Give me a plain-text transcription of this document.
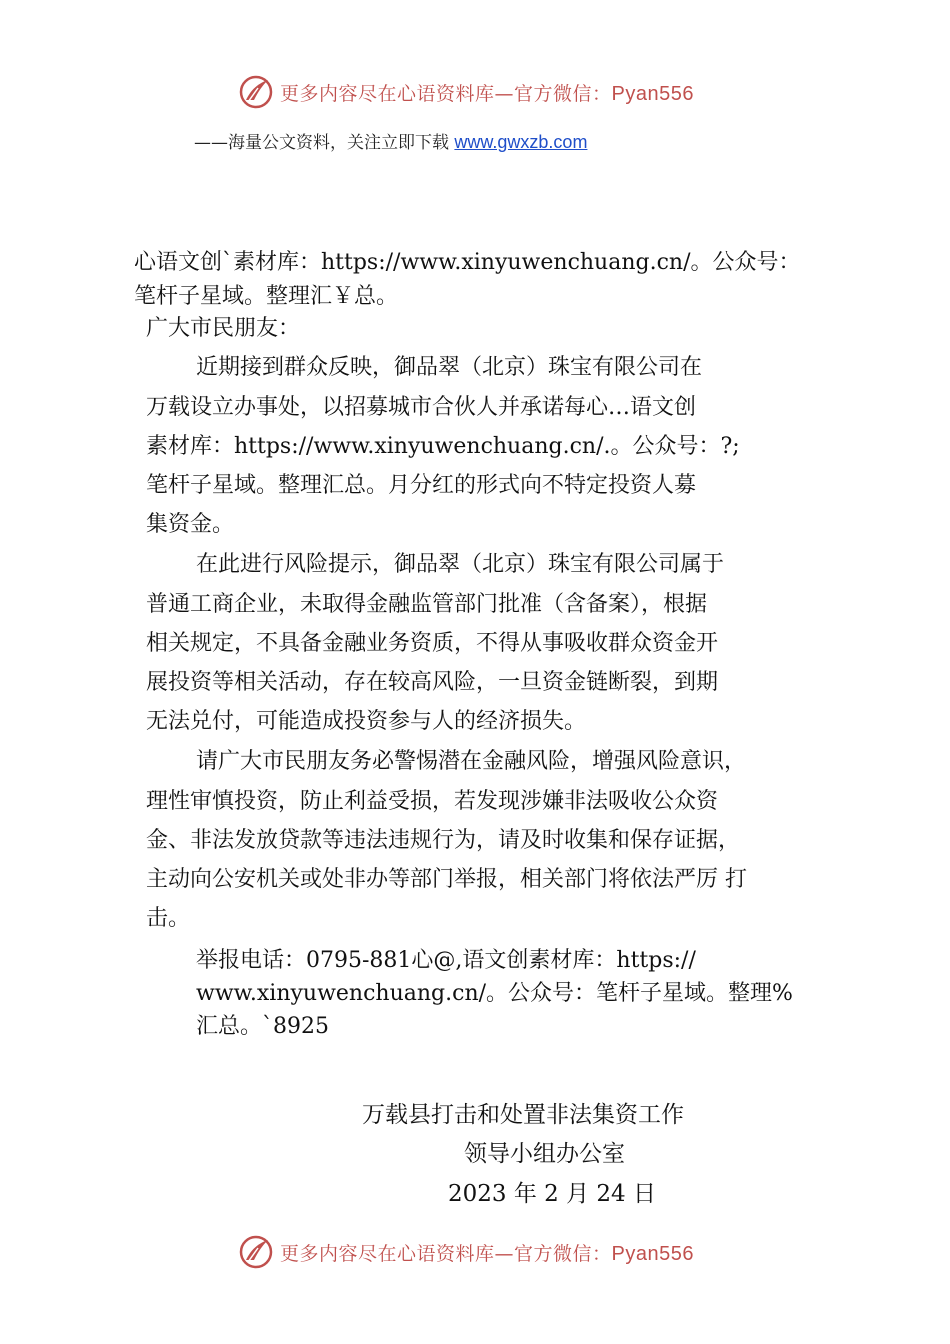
更多内容尽在心语资料库—官方微信：Pyan556
——海量公文资料，关注立即下载 www.gwxzb.com
心语文创`素材库：https://www.xinyuwenchuang.cn/。公众号：
笔杆子星域。整理汇￥总。
广大市民朋友：
近期接到群众反映，御品翠（北京）珠宝有限公司在
万载设立办事处，以招募城市合伙人并承诺每心…语文创
素材库：https://www.xinyuwenchuang.cn/.。公众号：?;
笔杆子星域。整理汇总。月分红的形式向不特定投资人募
集资金。
在此进行风险提示，御品翠（北京）珠宝有限公司属于
普通工商企业，未取得金融监管部门批准（含备案），根据
相关规定，不具备金融业务资质，不得从事吸收群众资金开
展投资等相关活动，存在较高风险，一旦资金链断裂，到期
无法兑付，可能造成投资参与人的经济损失。
请广大市民朋友务必警惕潜在金融风险，增强风险意识，
理性审慎投资，防止利益受损，若发现涉嫌非法吸收公众资
金、非法发放贷款等违法违规行为，请及时收集和保存证据，
主动向公安机关或处非办等部门举报，相关部门将依法严厉 打
击。
举报电话：0795-881心@,语文创素材库：https://
www.xinyuwenchuang.cn/。公众号：笔杆子星域。整理%
汇总。`8925
万载县打击和处置非法集资工作
领导小组办公室
2023 年 2 月 24 日
更多内容尽在心语资料库—官方微信：Pyan556
